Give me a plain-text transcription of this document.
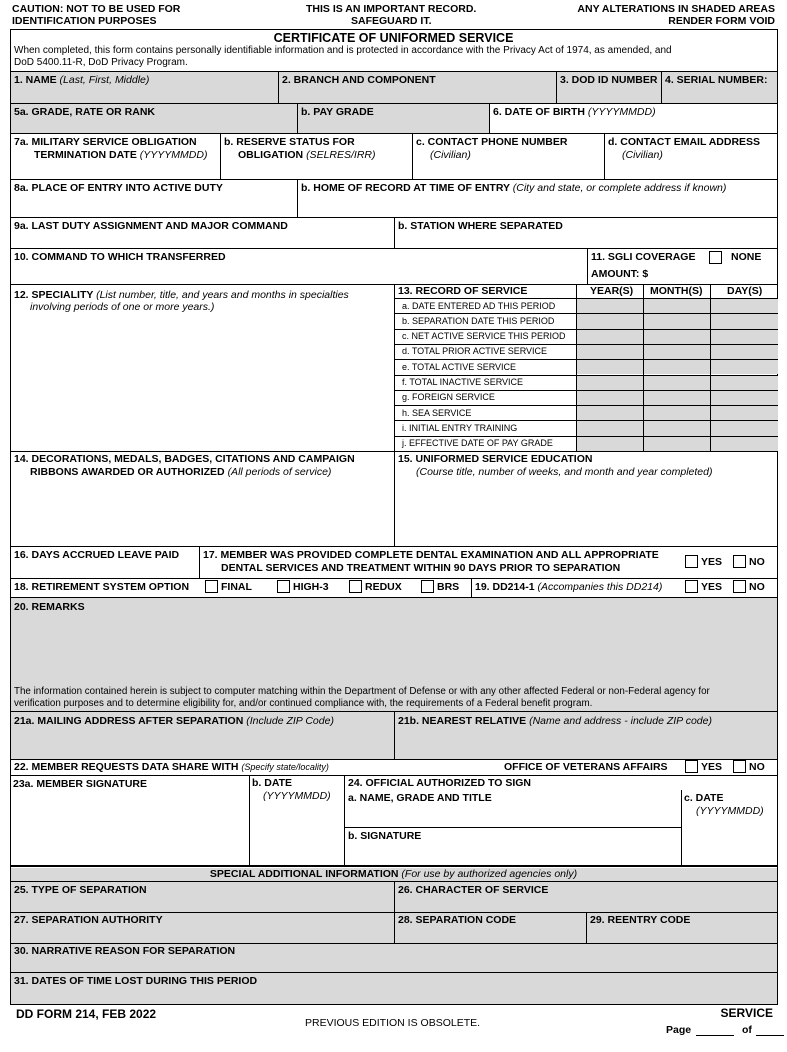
CAUTION: NOT TO BE USED FOR
IDENTIFICATION PURPOSES
THIS IS AN IMPORTANT RECORD.
SAFEGUARD IT.
ANY ALTERATIONS IN SHADED AREAS
RENDER FORM VOID
CERTIFICATE OF UNIFORMED SERVICE
When completed, this form contains personally identifiable information and is protected in accordance with the Privacy Act of 1974, as amended, and
DoD 5400.11-R, DoD Privacy Program.
1. NAME (Last, First, Middle)	2. BRANCH AND COMPONENT	3. DOD ID NUMBER 4. SERIAL NUMBER:
5a. GRADE, RATE OR RANK	b. PAY GRADE	6. DATE OF BIRTH (YYYYMMDD)
7a. MILITARY SERVICE OBLIGATION
TERMINATION DATE (YYYYMMDD)
b. RESERVE STATUS FOR
OBLIGATION (SELRES/IRR)
c. CONTACT PHONE NUMBER
(Civilian)
d. CONTACT EMAIL ADDRESS
(Civilian)
8a. PLACE OF ENTRY INTO ACTIVE DUTY	b. HOME OF RECORD AT TIME OF ENTRY (City and state, or complete address if known)
9a. LAST DUTY ASSIGNMENT AND MAJOR COMMAND	b. STATION WHERE SEPARATED
10. COMMAND TO WHICH TRANSFERRED	11. SGLI COVERAGE	NONE
AMOUNT: $
12. SPECIALITY (List number, title, and years and months in specialties
involving periods of one or more years.)
13. RECORD OF SERVICE	YEAR(S) MONTH(S) DAY(S)
a. DATE ENTERED AD THIS PERIOD
b. SEPARATION DATE THIS PERIOD
c. NET ACTIVE SERVICE THIS PERIOD
d. TOTAL PRIOR ACTIVE SERVICE
e. TOTAL ACTIVE SERVICE
f. TOTAL INACTIVE SERVICE
g. FOREIGN SERVICE
h. SEA SERVICE
i. INITIAL ENTRY TRAINING
j. EFFECTIVE DATE OF PAY GRADE
14. DECORATIONS, MEDALS, BADGES, CITATIONS AND CAMPAIGN
RIBBONS AWARDED OR AUTHORIZED (All periods of service)
15. UNIFORMED SERVICE EDUCATION
(Course title, number of weeks, and month and year completed)
16. DAYS ACCRUED LEAVE PAID 17. MEMBER WAS PROVIDED COMPLETE DENTAL EXAMINATION AND ALL APPROPRIATE
DENTAL SERVICES AND TREATMENT WITHIN 90 DAYS PRIOR TO SEPARATION	YES	NO
18. RETIREMENT SYSTEM OPTION	FINAL	HIGH-3	REDUX	BRS 19. DD214-1 (Accompanies this DD214)	YES	NO
20. REMARKS
The information contained herein is subject to computer matching within the Department of Defense or with any other affected Federal or non-Federal agency for
verification purposes and to determine eligibility for, and/or continued compliance with, the requirements of a Federal benefit program.
21a. MAILING ADDRESS AFTER SEPARATION (Include ZIP Code)	21b. NEAREST RELATIVE (Name and address - include ZIP code)
22. MEMBER REQUESTS DATA SHARE WITH (Specify state/locality)	OFFICE OF VETERANS AFFAIRS	YES	NO
23a. MEMBER SIGNATURE	b. DATE
(YYYYMMDD)
24. OFFICIAL AUTHORIZED TO SIGN
a. NAME, GRADE AND TITLE	c. DATE
(YYYYMMDD)
b. SIGNATURE
SPECIAL ADDITIONAL INFORMATION (For use by authorized agencies only)
25. TYPE OF SEPARATION	26. CHARACTER OF SERVICE
27. SEPARATION AUTHORITY	28. SEPARATION CODE	29. REENTRY CODE
30. NARRATIVE REASON FOR SEPARATION
31. DATES OF TIME LOST DURING THIS PERIOD
DD FORM 214, FEB 2022
PREVIOUS EDITION IS OBSOLETE.
SERVICE
Page	of
